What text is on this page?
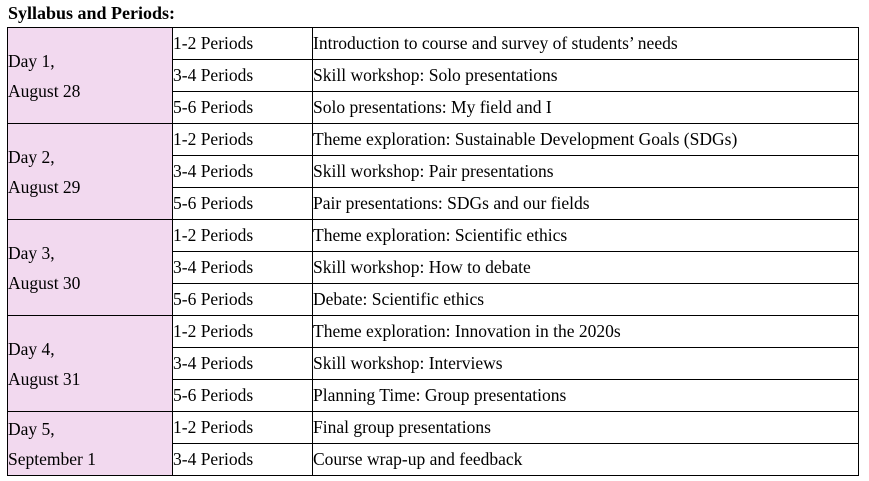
Syllabus and Periods:
Day 1,
August 28	1-2 Periods	Introduction to course and survey of students’ needs
	3-4 Periods	Skill workshop: Solo presentations
	5-6 Periods	Solo presentations: My field and I

Day 2,
August 29	1-2 Periods	Theme exploration: Sustainable Development Goals (SDGs)
	3-4 Periods	Skill workshop: Pair presentations
	5-6 Periods	Pair presentations: SDGs and our fields

Day 3,
August 30	1-2 Periods	Theme exploration: Scientific ethics
	3-4 Periods	Skill workshop: How to debate
	5-6 Periods	Debate: Scientific ethics

Day 4,
August 31	1-2 Periods	Theme exploration: Innovation in the 2020s
	3-4 Periods	Skill workshop: Interviews
	5-6 Periods	Planning Time: Group presentations

Day 5,
September 1	1-2 Periods	Final group presentations
	3-4 Periods	Course wrap-up and feedback
